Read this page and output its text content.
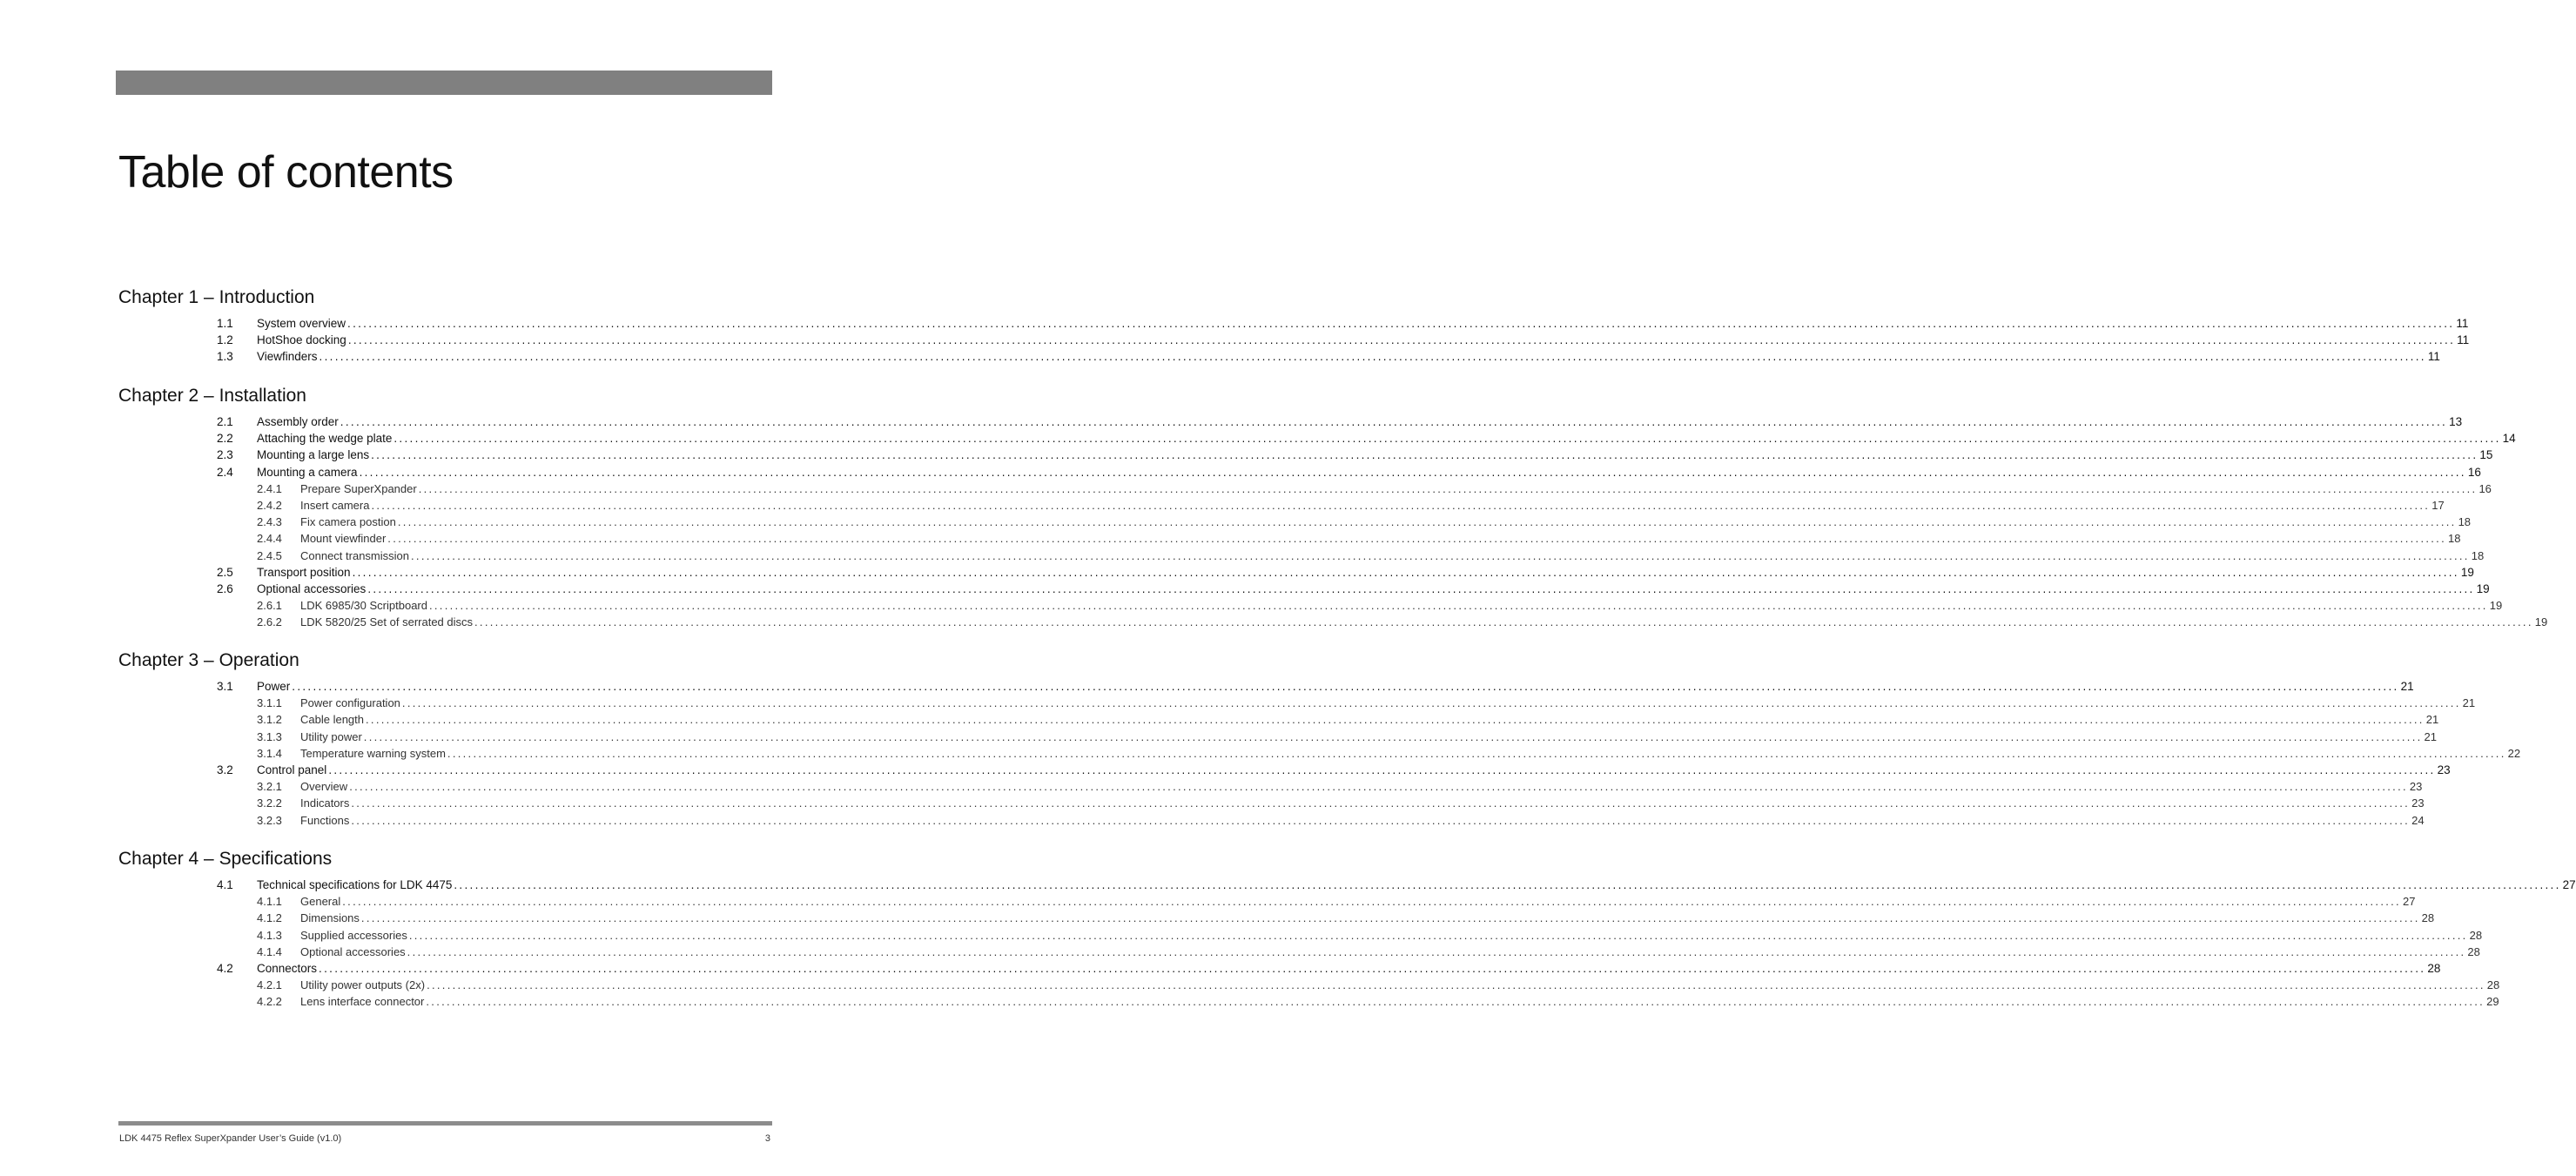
Table of contents
Chapter 1 – Introduction
1.1 System overview ................................................................................................................................................................................................................................................................................................................................................................................................................ 11
1.2 HotShoe docking ................................................................................................................................................................................................................................................................................................................................................................................................................ 11
1.3 Viewfinders ................................................................................................................................................................................................................................................................................................................................................................................................................ 11
Chapter 2 – Installation
2.1 Assembly order ................................................................................................................................................................................................................................................................................................................................................................................................................ 13
2.2 Attaching the wedge plate ................................................................................................................................................................................................................................................................................................................................................................................................................ 14
2.3 Mounting a large lens ................................................................................................................................................................................................................................................................................................................................................................................................................ 15
2.4 Mounting a camera ................................................................................................................................................................................................................................................................................................................................................................................................................ 16
2.4.1 Prepare SuperXpander ................................................................................................................................................................................................................................................................................................................................................................................................................ 16
2.4.2 Insert camera ................................................................................................................................................................................................................................................................................................................................................................................................................ 17
2.4.3 Fix camera postion ................................................................................................................................................................................................................................................................................................................................................................................................................ 18
2.4.4 Mount viewfinder ................................................................................................................................................................................................................................................................................................................................................................................................................ 18
2.4.5 Connect transmission ................................................................................................................................................................................................................................................................................................................................................................................................................ 18
2.5 Transport position ................................................................................................................................................................................................................................................................................................................................................................................................................ 19
2.6 Optional accessories ................................................................................................................................................................................................................................................................................................................................................................................................................ 19
2.6.1 LDK 6985/30 Scriptboard ................................................................................................................................................................................................................................................................................................................................................................................................................ 19
2.6.2 LDK 5820/25 Set of serrated discs ................................................................................................................................................................................................................................................................................................................................................................................................................ 19
Chapter 3 – Operation
3.1 Power ................................................................................................................................................................................................................................................................................................................................................................................................................ 21
3.1.1 Power configuration ................................................................................................................................................................................................................................................................................................................................................................................................................ 21
3.1.2 Cable length ................................................................................................................................................................................................................................................................................................................................................................................................................ 21
3.1.3 Utility power ................................................................................................................................................................................................................................................................................................................................................................................................................ 21
3.1.4 Temperature warning system ................................................................................................................................................................................................................................................................................................................................................................................................................ 22
3.2 Control panel ................................................................................................................................................................................................................................................................................................................................................................................................................ 23
3.2.1 Overview ................................................................................................................................................................................................................................................................................................................................................................................................................ 23
3.2.2 Indicators ................................................................................................................................................................................................................................................................................................................................................................................................................ 23
3.2.3 Functions ................................................................................................................................................................................................................................................................................................................................................................................................................ 24
Chapter 4 – Specifications
4.1 Technical specifications for LDK 4475 ................................................................................................................................................................................................................................................................................................................................................................................................................ 27
4.1.1 General ................................................................................................................................................................................................................................................................................................................................................................................................................ 27
4.1.2 Dimensions ................................................................................................................................................................................................................................................................................................................................................................................................................ 28
4.1.3 Supplied accessories ................................................................................................................................................................................................................................................................................................................................................................................................................ 28
4.1.4 Optional accessories ................................................................................................................................................................................................................................................................................................................................................................................................................ 28
4.2 Connectors ................................................................................................................................................................................................................................................................................................................................................................................................................ 28
4.2.1 Utility power outputs (2x) ................................................................................................................................................................................................................................................................................................................................................................................................................ 28
4.2.2 Lens interface connector ................................................................................................................................................................................................................................................................................................................................................................................................................ 29
LDK 4475 Reflex SuperXpander User’s Guide (v1.0)	3
